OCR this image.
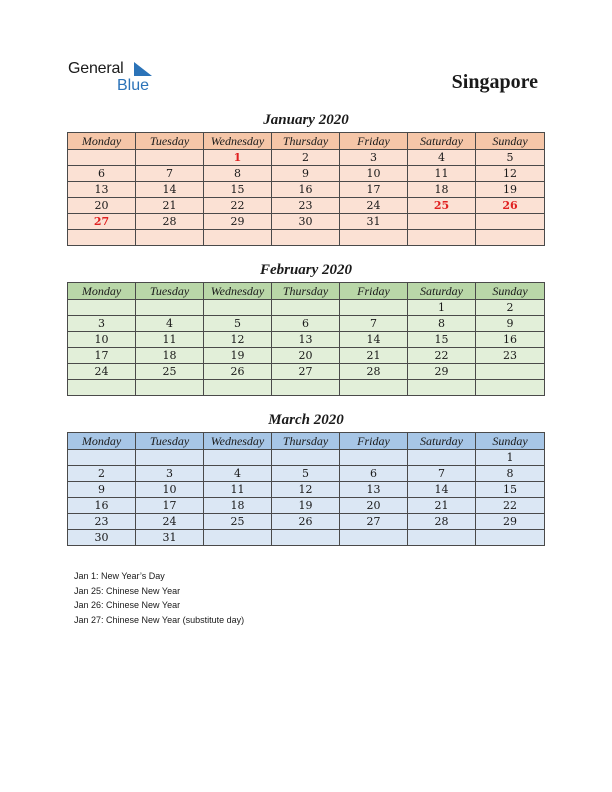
General
Blue	Singapore
January 2020
Monday	Tuesday	Wednesday	Thursday	Friday	Saturday	Sunday
		1	2	3	4	5
6	7	8	9	10	11	12
13	14	15	16	17	18	19
20	21	22	23	24	25	26
27	28	29	30	31		

February 2020
Monday	Tuesday	Wednesday	Thursday	Friday	Saturday	Sunday
					1	2
3	4	5	6	7	8	9
10	11	12	13	14	15	16
17	18	19	20	21	22	23
24	25	26	27	28	29	

March 2020
Monday	Tuesday	Wednesday	Thursday	Friday	Saturday	Sunday
						1
2	3	4	5	6	7	8
9	10	11	12	13	14	15
16	17	18	19	20	21	22
23	24	25	26	27	28	29
30	31					
Jan 1: New Year’s Day
Jan 25: Chinese New Year
Jan 26: Chinese New Year
Jan 27: Chinese New Year (substitute day)
